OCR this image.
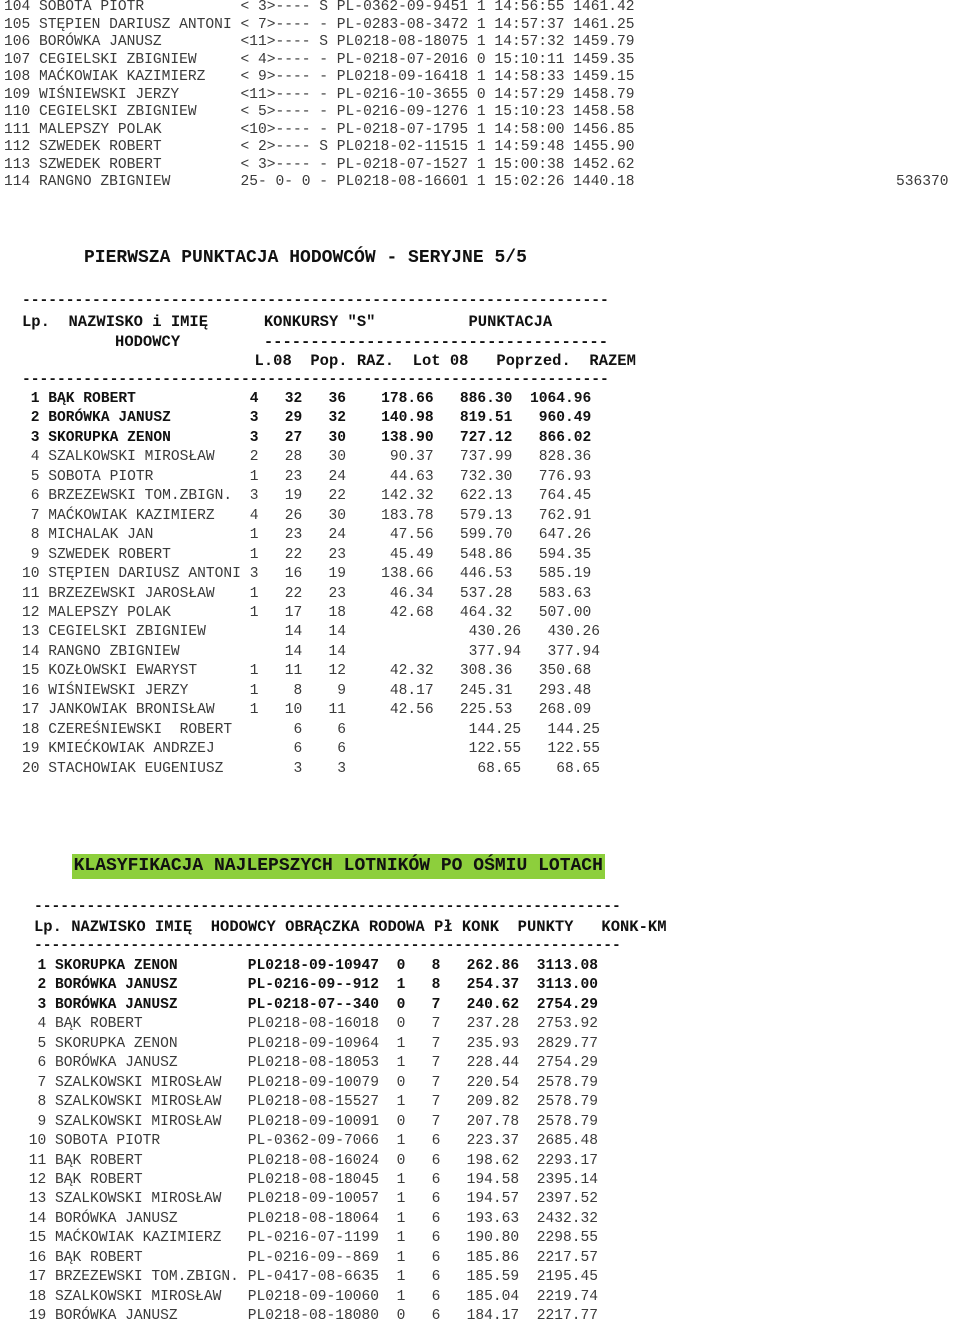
104 SOBOTA PIOTR           < 3>---- S PL-0362-09-9451 1 14:56:55 1461.42
105 STĘPIEN DARIUSZ ANTONI < 7>---- - PL-0283-08-3472 1 14:57:37 1461.25
106 BORÓWKA JANUSZ         <11>---- S PL0218-08-18075 1 14:57:32 1459.79
107 CEGIELSKI ZBIGNIEW     < 4>---- - PL-0218-07-2016 0 15:10:11 1459.35
108 MAĆKOWIAK KAZIMIERZ    < 9>---- - PL0218-09-16418 1 14:58:33 1459.15
109 WIŚNIEWSKI JERZY       <11>---- - PL-0216-10-3655 0 14:57:29 1458.79
110 CEGIELSKI ZBIGNIEW     < 5>---- - PL-0216-09-1276 1 15:10:23 1458.58
111 MALEPSZY POLAK         <10>---- - PL-0218-07-1795 1 14:58:00 1456.85
112 SZWEDEK ROBERT         < 2>---- S PL0218-02-11515 1 14:59:48 1455.90
113 SZWEDEK ROBERT         < 3>---- - PL-0218-07-1527 1 15:00:38 1452.62
114 RANGNO ZBIGNIEW        25- 0- 0 - PL0218-08-16601 1 15:02:26 1440.18	536370
PIERWSZA PUNKTACJA HODOWCÓW - SERYJNE 5/5
-------------------------------------------------------------------
Lp.  NAZWISKO i IMIĘ      KONKURSY "S"          PUNKTACJA
HODOWCY         -------------------------------------
L.08  Pop. RAZ.  Lot 08   Poprzed.  RAZEM
-------------------------------------------------------------------
1 BĄK ROBERT             4   32   36    178.66   886.30  1064.96
2 BORÓWKA JANUSZ         3   29   32    140.98   819.51   960.49
3 SKORUPKA ZENON         3   27   30    138.90   727.12   866.02
4 SZALKOWSKI MIROSŁAW    2   28   30     90.37   737.99   828.36
5 SOBOTA PIOTR           1   23   24     44.63   732.30   776.93
6 BRZEZEWSKI TOM.ZBIGN.  3   19   22    142.32   622.13   764.45
7 MAĆKOWIAK KAZIMIERZ    4   26   30    183.78   579.13   762.91
8 MICHALAK JAN           1   23   24     47.56   599.70   647.26
9 SZWEDEK ROBERT         1   22   23     45.49   548.86   594.35
10 STĘPIEN DARIUSZ ANTONI 3   16   19    138.66   446.53   585.19
11 BRZEZEWSKI JAROSŁAW    1   22   23     46.34   537.28   583.63
12 MALEPSZY POLAK         1   17   18     42.68   464.32   507.00
13 CEGIELSKI ZBIGNIEW         14   14              430.26   430.26
14 RANGNO ZBIGNIEW            14   14              377.94   377.94
15 KOZŁOWSKI EWARYST      1   11   12     42.32   308.36   350.68
16 WIŚNIEWSKI JERZY       1    8    9     48.17   245.31   293.48
17 JANKOWIAK BRONISŁAW    1   10   11     42.56   225.53   268.09
18 CZEREŚNIEWSKI  ROBERT       6    6              144.25   144.25
19 KMIEĆKOWIAK ANDRZEJ         6    6              122.55   122.55
20 STACHOWIAK EUGENIUSZ        3    3               68.65    68.65

KLASYFIKACJA NAJLEPSZYCH LOTNIKÓW PO OŚMIU LOTACH

-------------------------------------------------------------------
Lp. NAZWISKO IMIĘ  HODOWCY OBRĄCZKA RODOWA Pł KONK  PUNKTY   KONK-KM
-------------------------------------------------------------------
1 SKORUPKA ZENON        PL0218-09-10947  0   8   262.86  3113.08
2 BORÓWKA JANUSZ        PL-0216-09--912  1   8   254.37  3113.00
3 BORÓWKA JANUSZ        PL-0218-07--340  0   7   240.62  2754.29
4 BĄK ROBERT            PL0218-08-16018  0   7   237.28  2753.92
5 SKORUPKA ZENON        PL0218-09-10964  1   7   235.93  2829.77
6 BORÓWKA JANUSZ        PL0218-08-18053  1   7   228.44  2754.29
7 SZALKOWSKI MIROSŁAW   PL0218-09-10079  0   7   220.54  2578.79
8 SZALKOWSKI MIROSŁAW   PL0218-08-15527  1   7   209.82  2578.79
9 SZALKOWSKI MIROSŁAW   PL0218-09-10091  0   7   207.78  2578.79
10 SOBOTA PIOTR          PL-0362-09-7066  1   6   223.37  2685.48
11 BĄK ROBERT            PL0218-08-16024  0   6   198.62  2293.17
12 BĄK ROBERT            PL0218-08-18045  1   6   194.58  2395.14
13 SZALKOWSKI MIROSŁAW   PL0218-09-10057  1   6   194.57  2397.52
14 BORÓWKA JANUSZ        PL0218-08-18064  1   6   193.63  2432.32
15 MAĆKOWIAK KAZIMIERZ   PL-0216-07-1199  1   6   190.80  2298.55
16 BĄK ROBERT            PL-0216-09--869  1   6   185.86  2217.57
17 BRZEZEWSKI TOM.ZBIGN. PL-0417-08-6635  1   6   185.59  2195.45
18 SZALKOWSKI MIROSŁAW   PL0218-09-10060  1   6   185.04  2219.74
19 BORÓWKA JANUSZ        PL0218-08-18080  0   6   184.17  2217.77
